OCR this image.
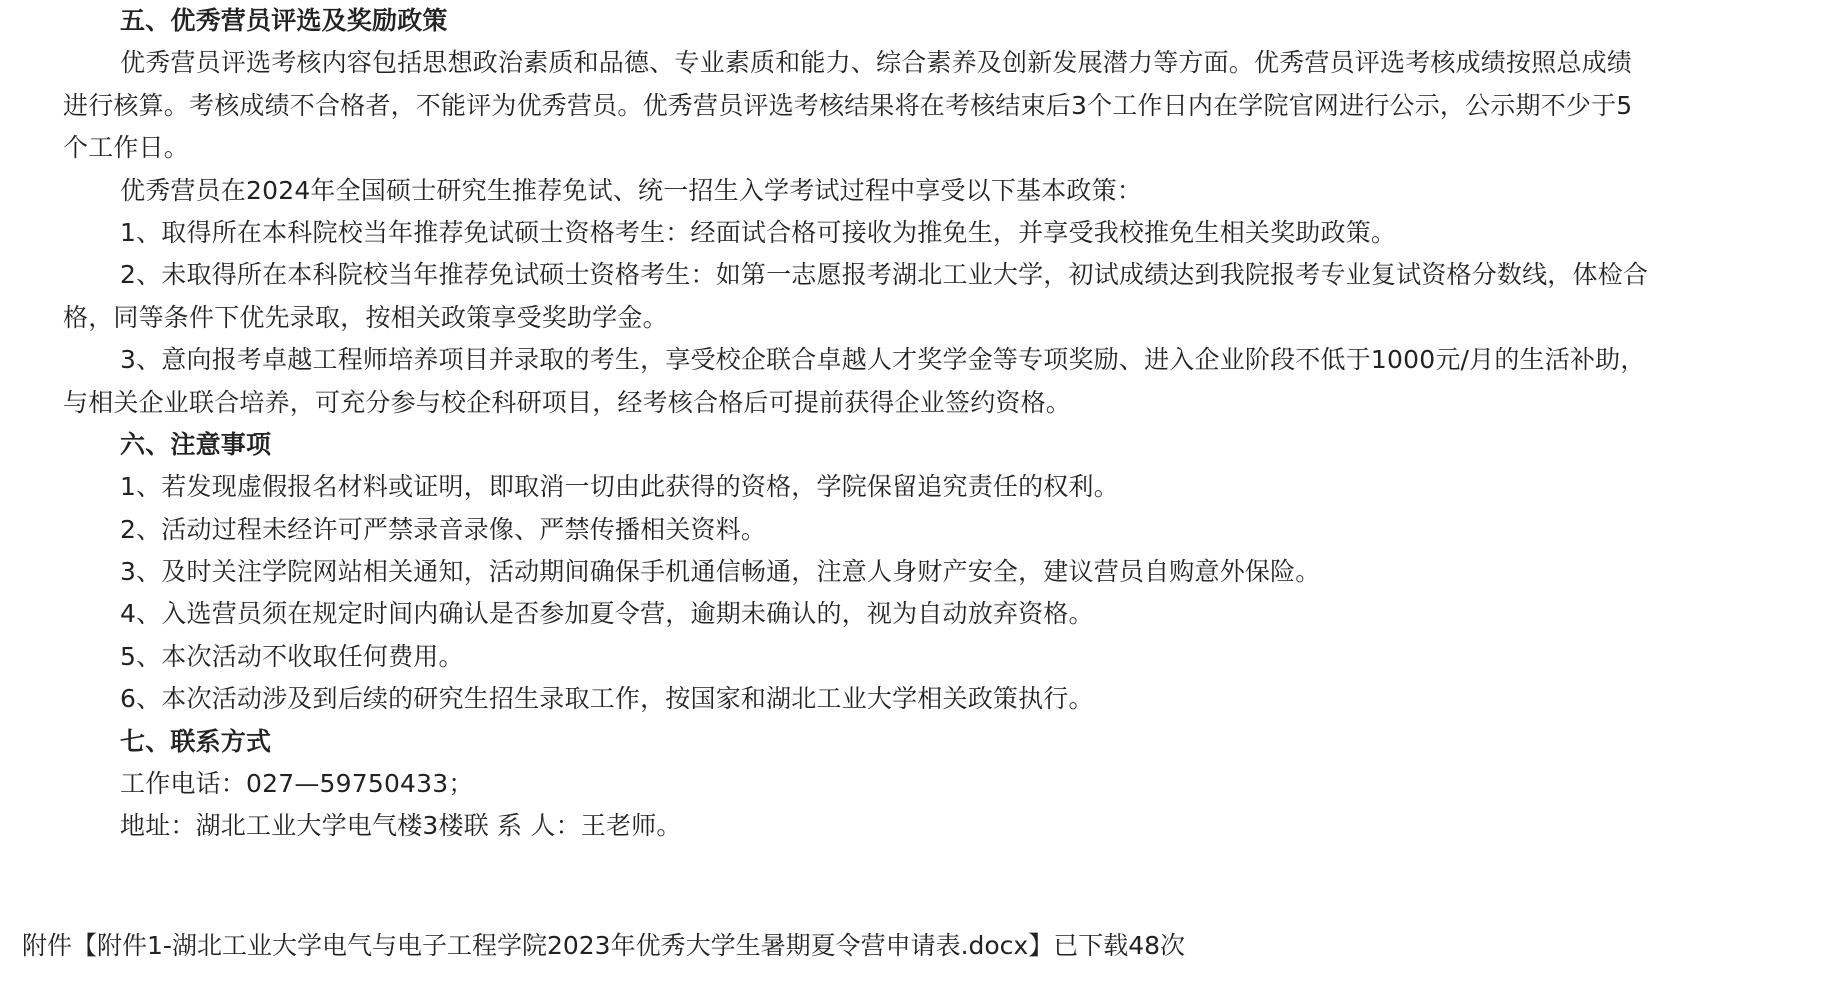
五、优秀营员评选及奖励政策
优秀营员评选考核内容包括思想政治素质和品德、专业素质和能力、综合素养及创新发展潜力等方面。优秀营员评选考核成绩按照总成绩
进行核算。考核成绩不合格者，不能评为优秀营员。优秀营员评选考核结果将在考核结束后3个工作日内在学院官网进行公示，公示期不少于5
个工作日。
优秀营员在2024年全国硕士研究生推荐免试、统一招生入学考试过程中享受以下基本政策：
1、取得所在本科院校当年推荐免试硕士资格考生：经面试合格可接收为推免生，并享受我校推免生相关奖助政策。
2、未取得所在本科院校当年推荐免试硕士资格考生：如第一志愿报考湖北工业大学，初试成绩达到我院报考专业复试资格分数线，体检合
格，同等条件下优先录取，按相关政策享受奖助学金。
3、意向报考卓越工程师培养项目并录取的考生，享受校企联合卓越人才奖学金等专项奖励、进入企业阶段不低于1000元/月的生活补助，
与相关企业联合培养，可充分参与校企科研项目，经考核合格后可提前获得企业签约资格。
六、注意事项
1、若发现虚假报名材料或证明，即取消一切由此获得的资格，学院保留追究责任的权利。
2、活动过程未经许可严禁录音录像、严禁传播相关资料。
3、及时关注学院网站相关通知，活动期间确保手机通信畅通，注意人身财产安全，建议营员自购意外保险。
4、入选营员须在规定时间内确认是否参加夏令营，逾期未确认的，视为自动放弃资格。
5、本次活动不收取任何费用。
6、本次活动涉及到后续的研究生招生录取工作，按国家和湖北工业大学相关政策执行。
七、联系方式
工作电话：027—59750433；
地址：湖北工业大学电气楼3楼联 系 人：王老师。
附件【附件1-湖北工业大学电气与电子工程学院2023年优秀大学生暑期夏令营申请表.docx】已下载48次
